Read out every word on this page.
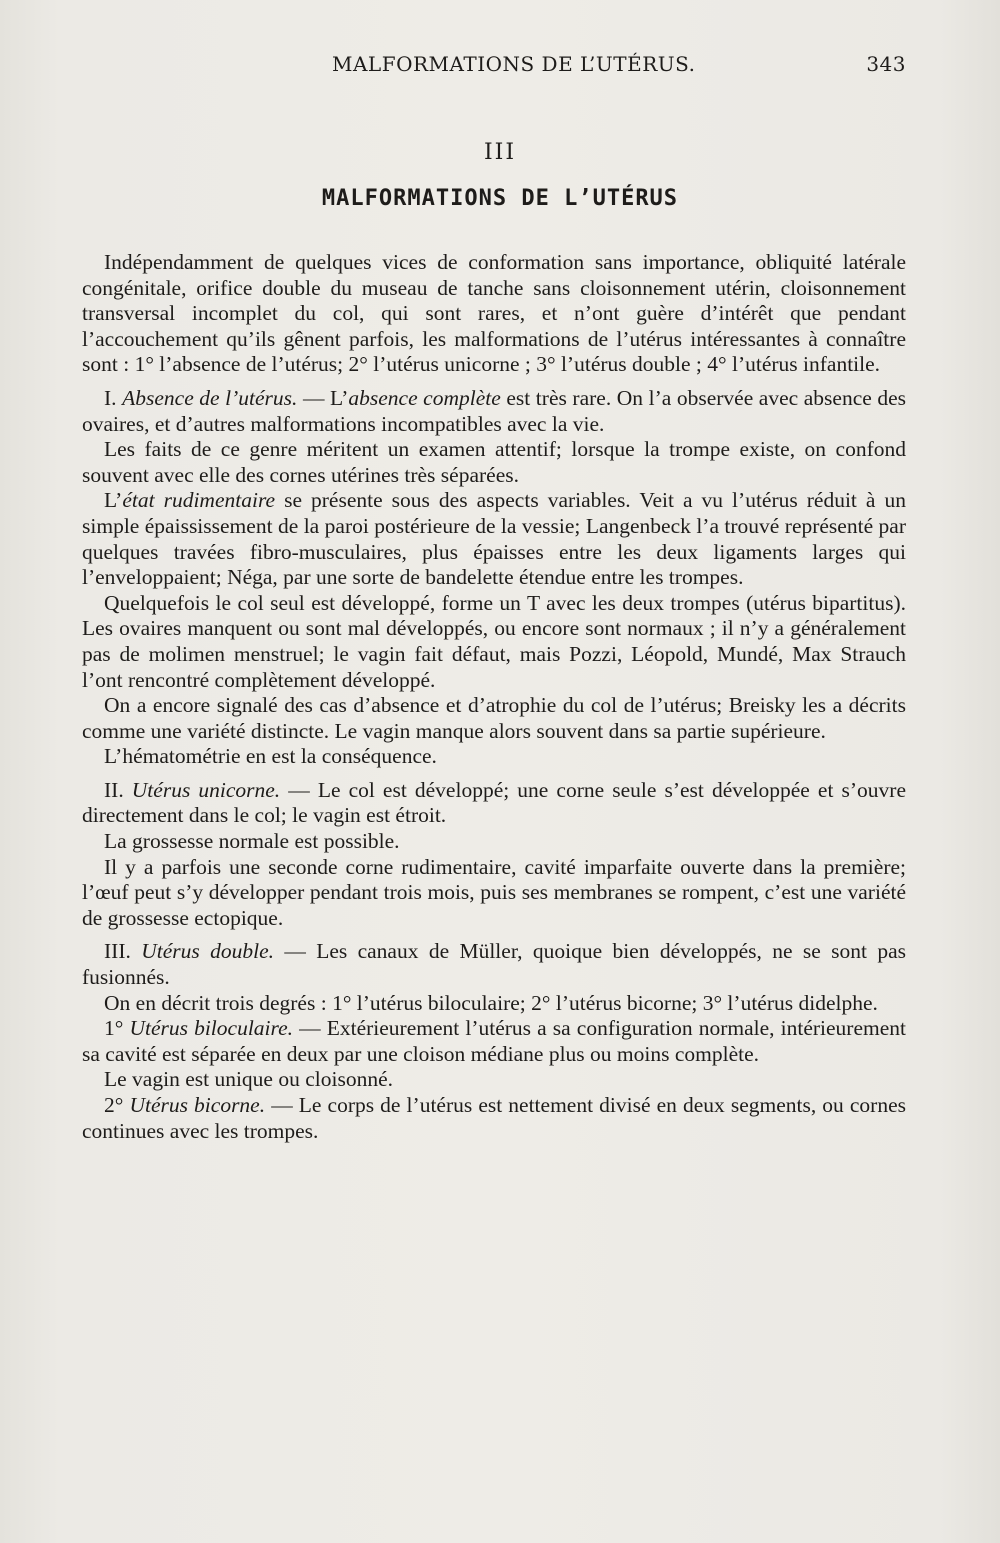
MALFORMATIONS DE L’UTÉRUS.	343
III
MALFORMATIONS DE L’UTÉRUS

Indépendamment de quelques vices de conformation sans importance, obliquité latérale congénitale, orifice double du museau de tanche sans cloisonnement utérin, cloisonnement transversal incomplet du col, qui sont rares, et n’ont guère d’intérêt que pendant l’accouchement qu’ils gênent parfois, les malformations de l’utérus intéressantes à connaître sont : 1° l’absence de l’utérus; 2° l’utérus unicorne ; 3° l’utérus double ; 4° l’utérus infantile.

I. Absence de l’utérus. — L’absence complète est très rare. On l’a observée avec absence des ovaires, et d’autres malformations incompatibles avec la vie.

Les faits de ce genre méritent un examen attentif; lorsque la trompe existe, on confond souvent avec elle des cornes utérines très séparées.

L’état rudimentaire se présente sous des aspects variables. Veit a vu l’utérus réduit à un simple épaississement de la paroi postérieure de la vessie; Langenbeck l’a trouvé représenté par quelques travées fibro-musculaires, plus épaisses entre les deux ligaments larges qui l’enveloppaient; Néga, par une sorte de bandelette étendue entre les trompes.

Quelquefois le col seul est développé, forme un T avec les deux trompes (utérus bipartitus). Les ovaires manquent ou sont mal développés, ou encore sont normaux ; il n’y a généralement pas de molimen menstruel; le vagin fait défaut, mais Pozzi, Léopold, Mundé, Max Strauch l’ont rencontré complètement développé.

On a encore signalé des cas d’absence et d’atrophie du col de l’utérus; Breisky les a décrits comme une variété distincte. Le vagin manque alors souvent dans sa partie supérieure.

L’hématométrie en est la conséquence.

II. Utérus unicorne. — Le col est développé; une corne seule s’est développée et s’ouvre directement dans le col; le vagin est étroit.

La grossesse normale est possible.

Il y a parfois une seconde corne rudimentaire, cavité imparfaite ouverte dans la première; l’œuf peut s’y développer pendant trois mois, puis ses membranes se rompent, c’est une variété de grossesse ectopique.

III. Utérus double. — Les canaux de Müller, quoique bien développés, ne se sont pas fusionnés.

On en décrit trois degrés : 1° l’utérus biloculaire; 2° l’utérus bicorne; 3° l’utérus didelphe.

1° Utérus biloculaire. — Extérieurement l’utérus a sa configuration normale, intérieurement sa cavité est séparée en deux par une cloison médiane plus ou moins complète.

Le vagin est unique ou cloisonné.

2° Utérus bicorne. — Le corps de l’utérus est nettement divisé en deux segments, ou cornes continues avec les trompes.
